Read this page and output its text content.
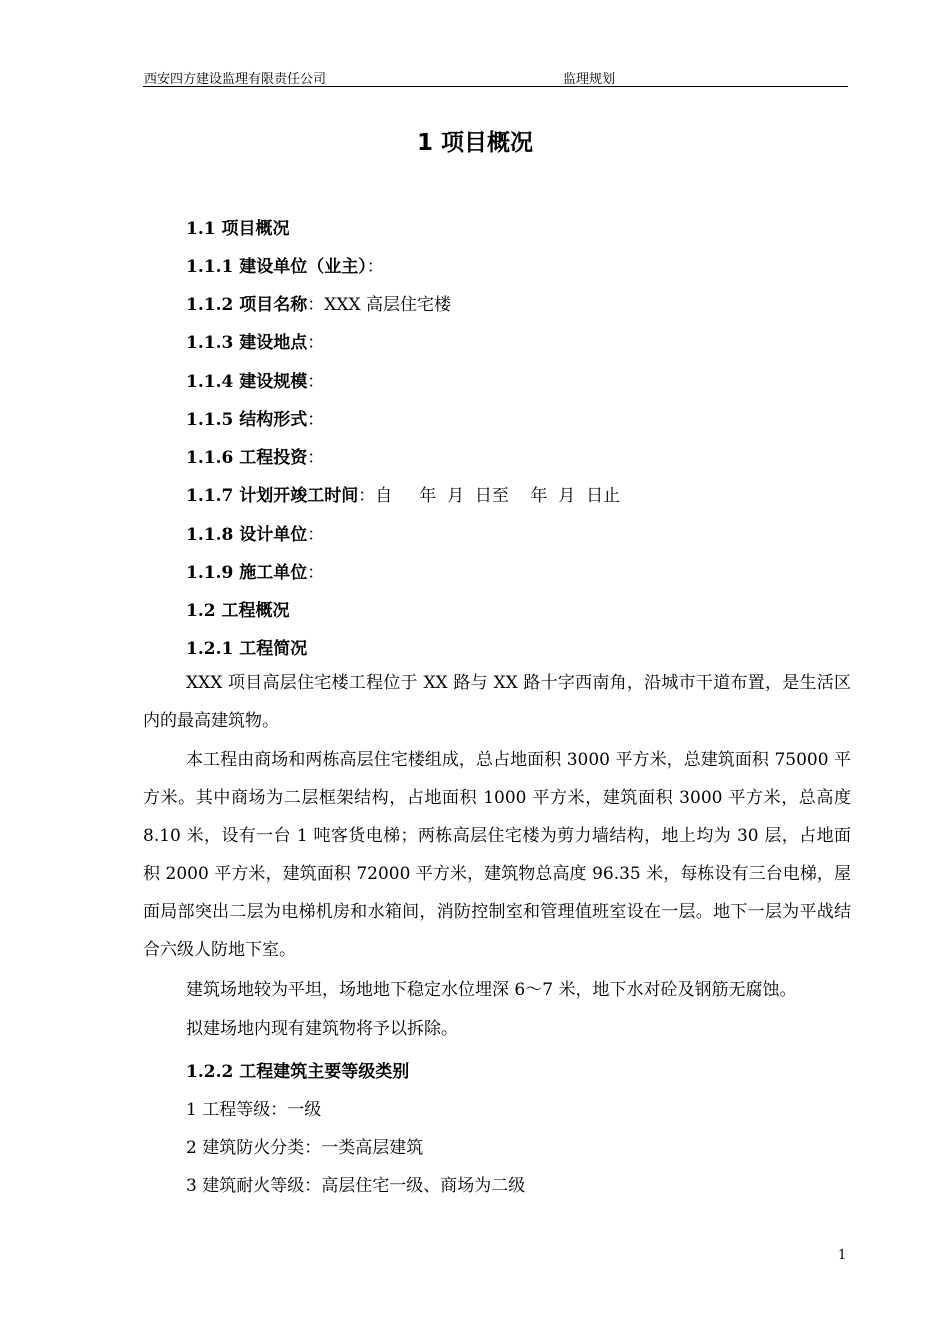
西安四方建设监理有限责任公司	监理规划
1 项目概况
1.1 项目概况
1.1.1 建设单位（业主）：
1.1.2 项目名称：XXX 高层住宅楼
1.1.3 建设地点：
1.1.4 建设规模：
1.1.5 结构形式：
1.1.6 工程投资：
1.1.7 计划开竣工时间：自     年  月  日至    年  月  日止
1.1.8 设计单位：
1.1.9 施工单位：
1.2 工程概况
1.2.1 工程简况
XXX 项目高层住宅楼工程位于 XX 路与 XX 路十字西南角，沿城市干道布置，是生活区内的最高建筑物。
本工程由商场和两栋高层住宅楼组成，总占地面积 3000 平方米，总建筑面积 75000 平方米。其中商场为二层框架结构，占地面积 1000 平方米，建筑面积 3000 平方米，总高度 8.10 米，设有一台 1 吨客货电梯；两栋高层住宅楼为剪力墙结构，地上均为 30 层，占地面积 2000 平方米，建筑面积 72000 平方米，建筑物总高度 96.35 米，每栋设有三台电梯，屋面局部突出二层为电梯机房和水箱间，消防控制室和管理值班室设在一层。地下一层为平战结合六级人防地下室。
建筑场地较为平坦，场地地下稳定水位埋深 6～7 米，地下水对砼及钢筋无腐蚀。
拟建场地内现有建筑物将予以拆除。
1.2.2 工程建筑主要等级类别
1 工程等级：一级
2 建筑防火分类：一类高层建筑
3 建筑耐火等级：高层住宅一级、商场为二级
1
